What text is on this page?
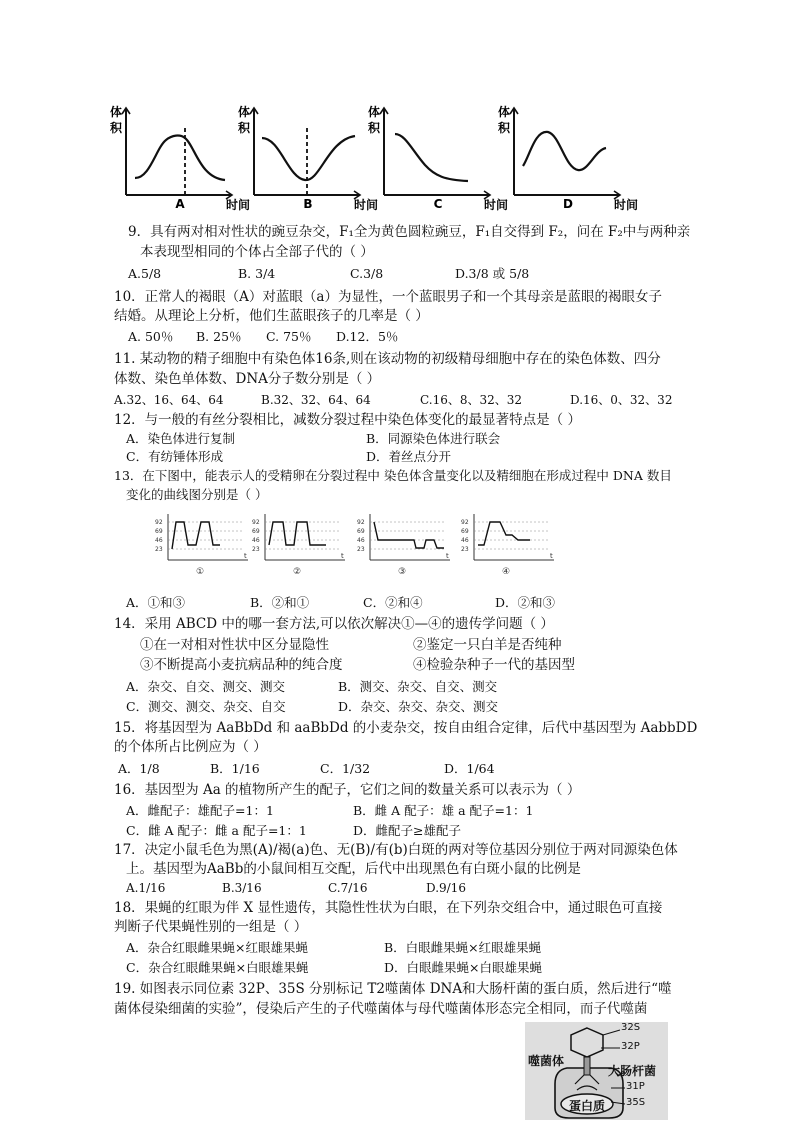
体
积
A	时间
体
积
B	时间
体
积
C	时间
体
积
D	时间
9．具有两对相对性状的豌豆杂交，F₁全为黄色圆粒豌豆，F₁自交得到 F₂，问在 F₂中与两种亲
本表现型相同的个体占全部子代的（ ）
A.5/8	B. 3/4	C.3/8	D.3/8 或 5/8
10．正常人的褐眼（A）对蓝眼（a）为显性，一个蓝眼男子和一个其母亲是蓝眼的褐眼女子
结婚。从理论上分析，他们生蓝眼孩子的几率是（ ）
A. 50％ B. 25％ C. 75％ D.12．5％
11. 某动物的精子细胞中有染色体16条,则在该动物的初级精母细胞中存在的染色体数、四分
体数、染色单体数、DNA分子数分别是（ ）
A.32、16、64、64	B.32、32、64、64	C.16、8、32、32	D.16、0、32、32
12．与一般的有丝分裂相比，减数分裂过程中染色体变化的最显著特点是（ ）
A．染色体进行复制	B．同源染色体进行联会
C．有纺锤体形成	D．着丝点分开
13．在下图中，能表示人的受精卵在分裂过程中 染色体含量变化以及精细胞在形成过程中 DNA 数目
变化的曲线图分别是（ ）
92
69
46
23
t
①
92
69
46
23
t
②
92
69
46
23
t
③
92
69
46
23
t
④
A．①和③	B．②和①	C．②和④	D．②和③
14．采用 ABCD 中的哪一套方法,可以依次解决①—④的遗传学问题（ ）
①在一对相对性状中区分显隐性	②鉴定一只白羊是否纯种
③不断提高小麦抗病品种的纯合度	④检验杂种子一代的基因型
A．杂交、自交、测交、测交	B．测交、杂交、自交、测交
C．测交、测交、杂交、自交	D．杂交、杂交、杂交、测交
15．将基因型为 AaBbDd 和 aaBbDd 的小麦杂交，按自由组合定律，后代中基因型为 AabbDD
的个体所占比例应为（ ）
A．1/8	B．1/16	C．1/32	D．1/64
16．基因型为 Aa 的植物所产生的配子，它们之间的数量关系可以表示为（ ）
A．雌配子：雄配子=1：1	B．雌 A 配子：雄 a 配子=1：1
C．雌 A 配子：雌 a 配子=1：1	D．雌配子≥雄配子
17．决定小鼠毛色为黑(A)/褐(a)色、无(B)/有(b)白斑的两对等位基因分别位于两对同源染色体
上。基因型为AaBb的小鼠间相互交配，后代中出现黑色有白斑小鼠的比例是
A.1/16	B.3/16	C.7/16	D.9/16
18．果蝇的红眼为伴 X 显性遗传，其隐性性状为白眼，在下列杂交组合中，通过眼色可直接
判断子代果蝇性别的一组是（ ）
A．杂合红眼雌果蝇×红眼雄果蝇	B．白眼雌果蝇×红眼雄果蝇
C．杂合红眼雌果蝇×白眼雄果蝇	D．白眼雌果蝇×白眼雄果蝇
19. 如图表示同位素 32P、35S 分别标记 T2噬菌体 DNA和大肠杆菌的蛋白质，然后进行“噬
菌体侵染细菌的实验”，侵染后产生的子代噬菌体与母代噬菌体形态完全相同，而子代噬菌
噬菌体
32S
32P
大肠杆菌
31P
35S
蛋白质
